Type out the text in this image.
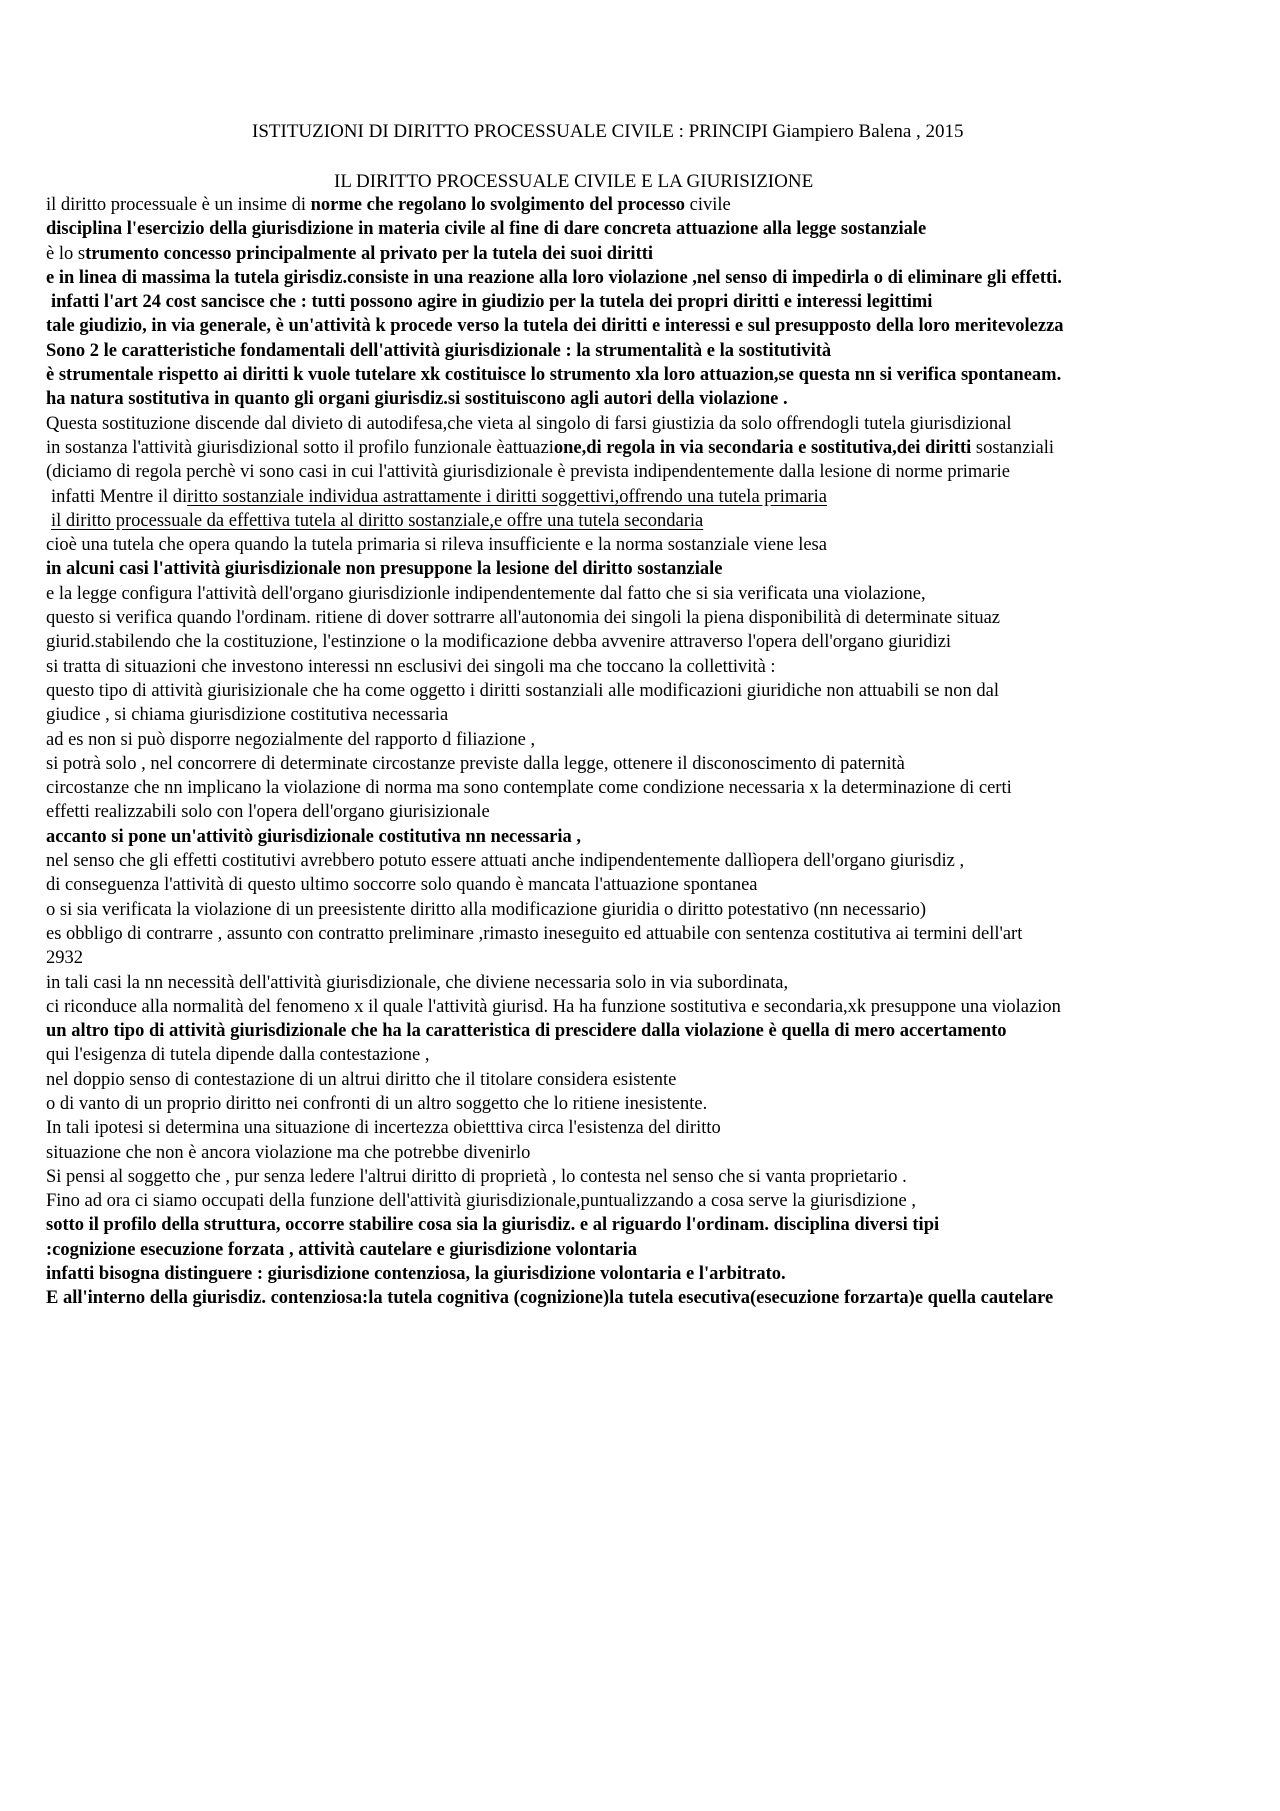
ISTITUZIONI DI DIRITTO PROCESSUALE CIVILE : PRINCIPI Giampiero Balena , 2015
IL DIRITTO PROCESSUALE CIVILE E LA GIURISIZIONE
il diritto processuale è un insime di norme che regolano lo svolgimento del processo civile
disciplina l'esercizio della giurisdizione in materia civile al fine di dare concreta attuazione alla legge sostanziale
è lo strumento concesso principalmente al privato per la tutela dei suoi diritti
e in linea di massima la tutela girisdiz.consiste in una reazione alla loro violazione ,nel senso di impedirla o di eliminare gli effetti.
infatti l'art 24 cost sancisce che : tutti possono agire in giudizio per la tutela dei propri diritti e interessi legittimi
tale giudizio, in via generale, è un'attività k procede verso la tutela dei diritti e interessi e sul presupposto della loro meritevolezza
Sono 2 le caratteristiche fondamentali dell'attività giurisdizionale : la strumentalità e la sostitutività
è strumentale rispetto ai diritti k vuole tutelare xk costituisce lo strumento xla loro attuazion,se questa nn si verifica spontaneam.
ha natura sostitutiva in quanto gli organi giurisdiz.si sostituiscono agli autori della violazione .
Questa sostituzione discende dal divieto di autodifesa,che vieta al singolo di farsi giustizia da solo offrendogli tutela giurisdizional
in sostanza l'attività giurisdizional sotto il profilo funzionale èattuazione,di regola in via secondaria e sostitutiva,dei diritti sostanziali
(diciamo di regola perchè vi sono casi in cui l'attività giurisdizionale è prevista indipendentemente dalla lesione di norme primarie
infatti Mentre il diritto sostanziale individua astrattamente i diritti soggettivi,offrendo una tutela primaria
il diritto processuale da effettiva tutela al diritto sostanziale,e offre una tutela secondaria
cioè una tutela che opera quando la tutela primaria si rileva insufficiente e la norma sostanziale viene lesa
in alcuni casi l'attività giurisdizionale non presuppone la lesione del diritto sostanziale
e la legge configura l'attività dell'organo giurisdizionle indipendentemente dal fatto che si sia verificata una violazione,
questo si verifica quando l'ordinam. ritiene di dover sottrarre all'autonomia dei singoli la piena disponibilità di determinate situaz
giurid.stabilendo che la costituzione, l'estinzione o la modificazione debba avvenire attraverso l'opera dell'organo giuridizi
si tratta di situazioni che investono interessi nn esclusivi dei singoli ma che toccano la collettività :
questo tipo di attività giurisizionale che ha come oggetto i diritti sostanziali alle modificazioni giuridiche non attuabili se non dal
giudice , si chiama giurisdizione costitutiva necessaria
ad es non si può disporre negozialmente del rapporto d filiazione ,
si potrà solo , nel concorrere di determinate circostanze previste dalla legge, ottenere il disconoscimento di paternità
circostanze che nn implicano la violazione di norma ma sono contemplate come condizione necessaria x la determinazione di certi
effetti realizzabili solo con l'opera dell'organo giurisizionale
accanto si pone un'attivitò giurisdizionale costitutiva nn necessaria ,
nel senso che gli effetti costitutivi avrebbero potuto essere attuati anche indipendentemente dallìopera dell'organo giurisdiz ,
di conseguenza l'attività di questo ultimo soccorre solo quando è mancata l'attuazione spontanea
o si sia verificata la violazione di un preesistente diritto alla modificazione giuridia o diritto potestativo (nn necessario)
es obbligo di contrarre , assunto con contratto preliminare ,rimasto ineseguito ed attuabile con sentenza costitutiva ai termini dell'art
2932
in tali casi la nn necessità dell'attività giurisdizionale, che diviene necessaria solo in via subordinata,
ci riconduce alla normalità del fenomeno x il quale l'attività giurisd. Ha ha funzione sostitutiva e secondaria,xk presuppone una violazion
un altro tipo di attività giurisdizionale che ha la caratteristica di prescidere dalla violazione è quella di mero accertamento
qui l'esigenza di tutela dipende dalla contestazione ,
nel doppio senso di contestazione di un altrui diritto che il titolare considera esistente
o di vanto di un proprio diritto nei confronti di un altro soggetto che lo ritiene inesistente.
In tali ipotesi si determina una situazione di incertezza obietttiva circa l'esistenza del diritto
situazione che non è ancora violazione ma che potrebbe divenirlo
Si pensi al soggetto che , pur senza ledere l'altrui diritto di proprietà , lo contesta nel senso che si vanta proprietario .
Fino ad ora ci siamo occupati della funzione dell'attività giurisdizionale,puntualizzando a cosa serve la giurisdizione ,
sotto il profilo della struttura, occorre stabilire cosa sia la giurisdiz. e al riguardo l'ordinam. disciplina diversi tipi
:cognizione esecuzione forzata , attività cautelare e giurisdizione volontaria
infatti bisogna distinguere : giurisdizione contenziosa, la giurisdizione volontaria e l'arbitrato.
E all'interno della giurisdiz. contenziosa:la tutela cognitiva (cognizione)la tutela esecutiva(esecuzione forzarta)e quella cautelare
